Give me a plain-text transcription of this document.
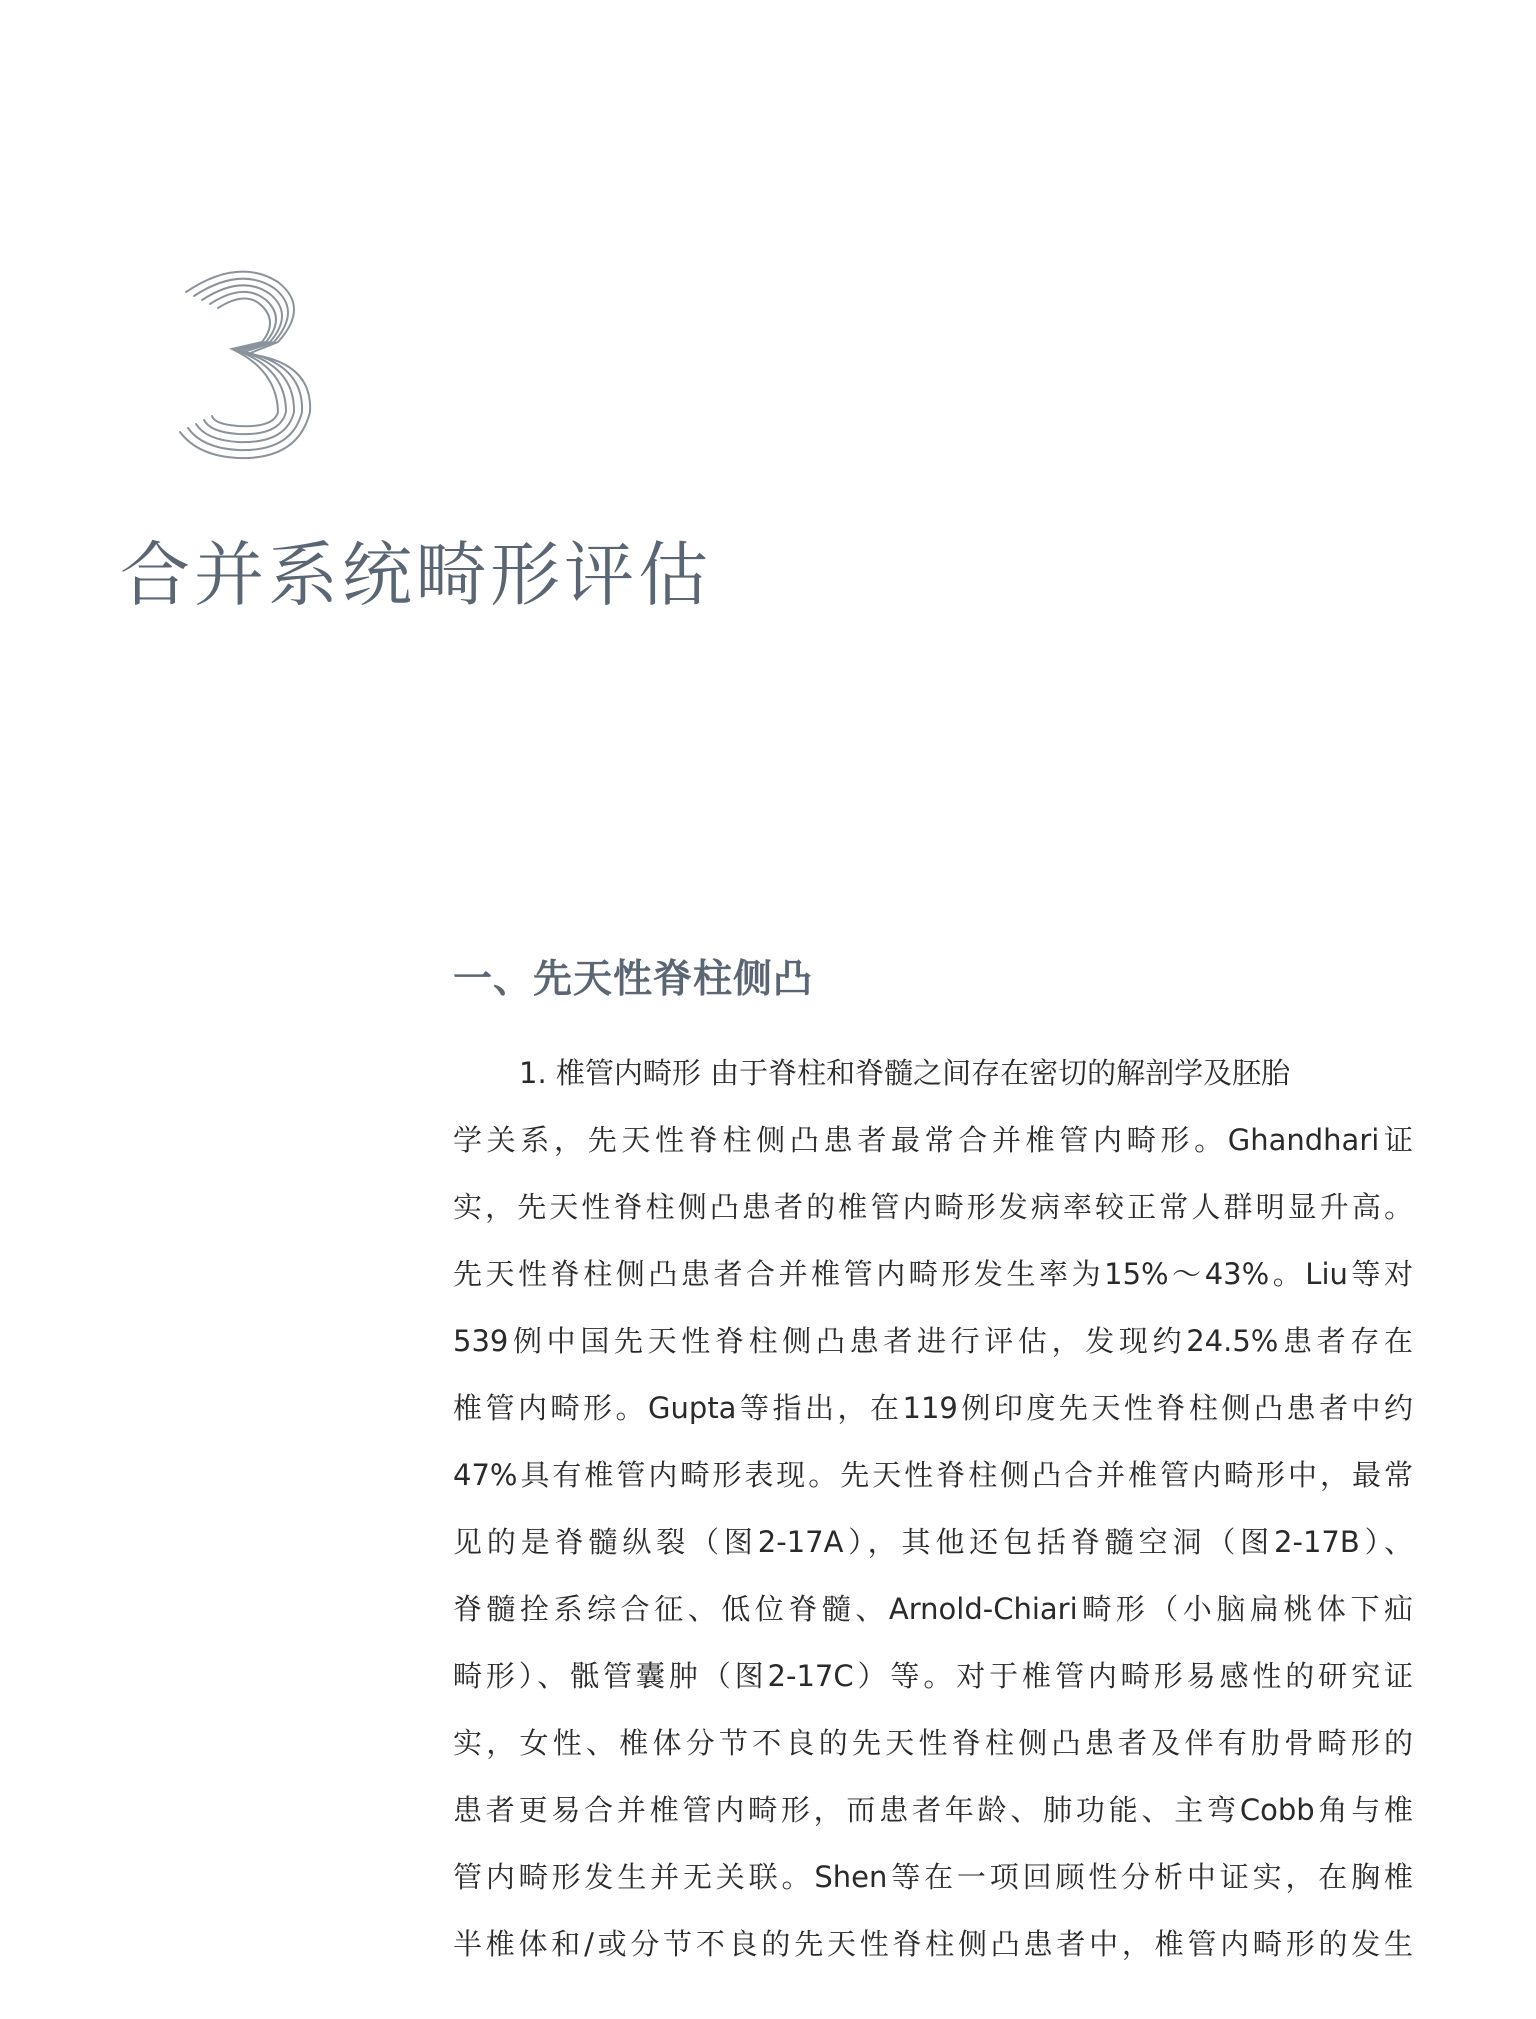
合并系统畸形评估
一、先天性脊柱侧凸
1. 椎管内畸形 由于脊柱和脊髓之间存在密切的解剖学及胚胎
学关系，先天性脊柱侧凸患者最常合并椎管内畸形。Ghandhari证
实，先天性脊柱侧凸患者的椎管内畸形发病率较正常人群明显升高。
先天性脊柱侧凸患者合并椎管内畸形发生率为15%～43%。Liu等对
539例中国先天性脊柱侧凸患者进行评估，发现约24.5%患者存在
椎管内畸形。Gupta等指出，在119例印度先天性脊柱侧凸患者中约
47%具有椎管内畸形表现。先天性脊柱侧凸合并椎管内畸形中，最常
见的是脊髓纵裂（图2-17A），其他还包括脊髓空洞（图2-17B）、
脊髓拴系综合征、低位脊髓、Arnold-Chiari畸形（小脑扁桃体下疝
畸形）、骶管囊肿（图2-17C）等。对于椎管内畸形易感性的研究证
实，女性、椎体分节不良的先天性脊柱侧凸患者及伴有肋骨畸形的
患者更易合并椎管内畸形，而患者年龄、肺功能、主弯Cobb角与椎
管内畸形发生并无关联。Shen等在一项回顾性分析中证实，在胸椎
半椎体和/或分节不良的先天性脊柱侧凸患者中，椎管内畸形的发生
